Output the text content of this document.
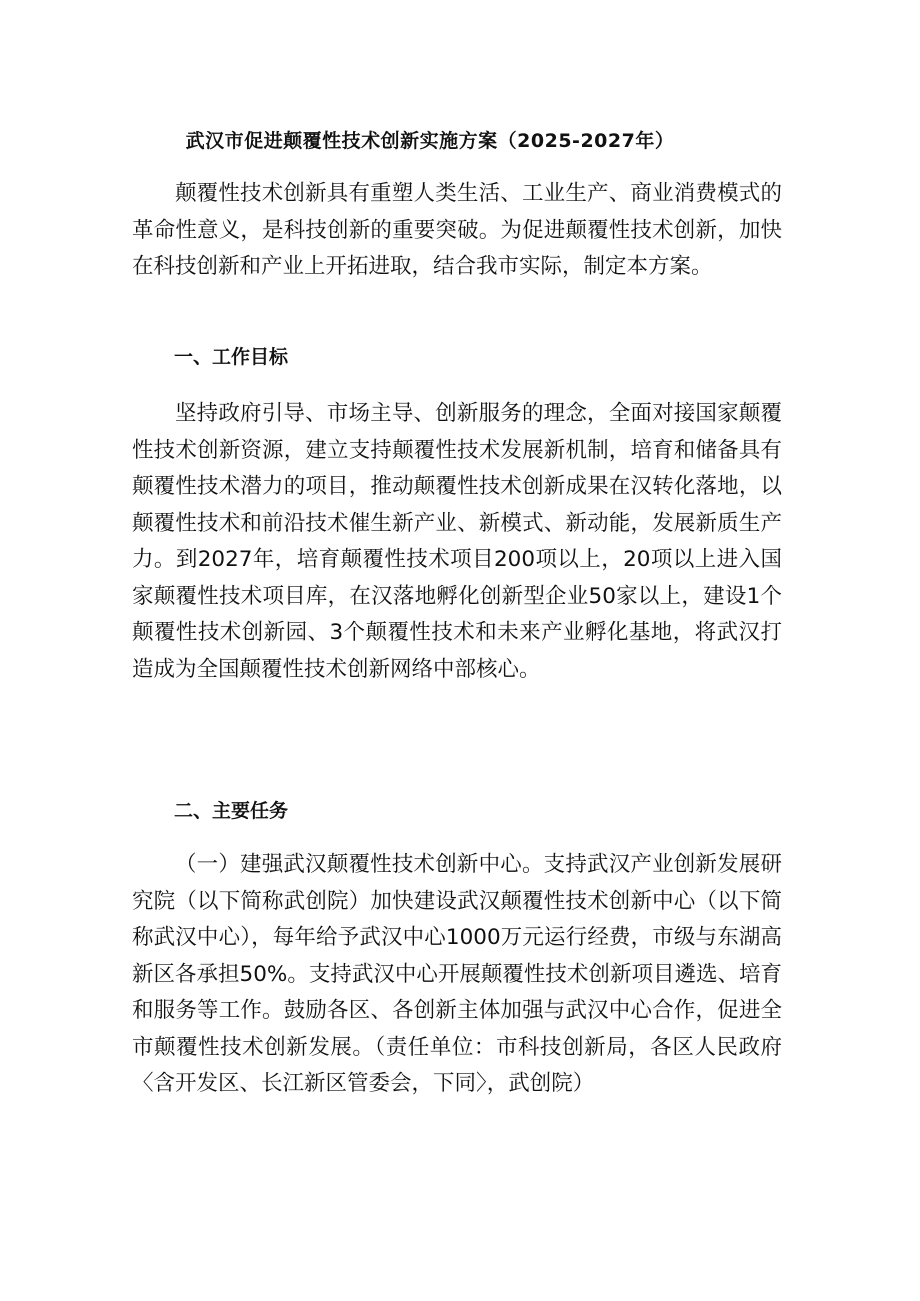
武汉市促进颠覆性技术创新实施方案（2025-2027年）

颠覆性技术创新具有重塑人类生活、工业生产、商业消费模式的革命性意义，是科技创新的重要突破。为促进颠覆性技术创新，加快在科技创新和产业上开拓进取，结合我市实际，制定本方案。

一、工作目标

坚持政府引导、市场主导、创新服务的理念，全面对接国家颠覆性技术创新资源，建立支持颠覆性技术发展新机制，培育和储备具有颠覆性技术潜力的项目，推动颠覆性技术创新成果在汉转化落地，以颠覆性技术和前沿技术催生新产业、新模式、新动能，发展新质生产力。到2027年，培育颠覆性技术项目200项以上，20项以上进入国家颠覆性技术项目库，在汉落地孵化创新型企业50家以上，建设1个颠覆性技术创新园、3个颠覆性技术和未来产业孵化基地，将武汉打造成为全国颠覆性技术创新网络中部核心。

二、主要任务

（一）建强武汉颠覆性技术创新中心。支持武汉产业创新发展研究院（以下简称武创院）加快建设武汉颠覆性技术创新中心（以下简称武汉中心），每年给予武汉中心1000万元运行经费，市级与东湖高新区各承担50%。支持武汉中心开展颠覆性技术创新项目遴选、培育和服务等工作。鼓励各区、各创新主体加强与武汉中心合作，促进全市颠覆性技术创新发展。（责任单位：市科技创新局，各区人民政府〈含开发区、长江新区管委会，下同〉，武创院）
